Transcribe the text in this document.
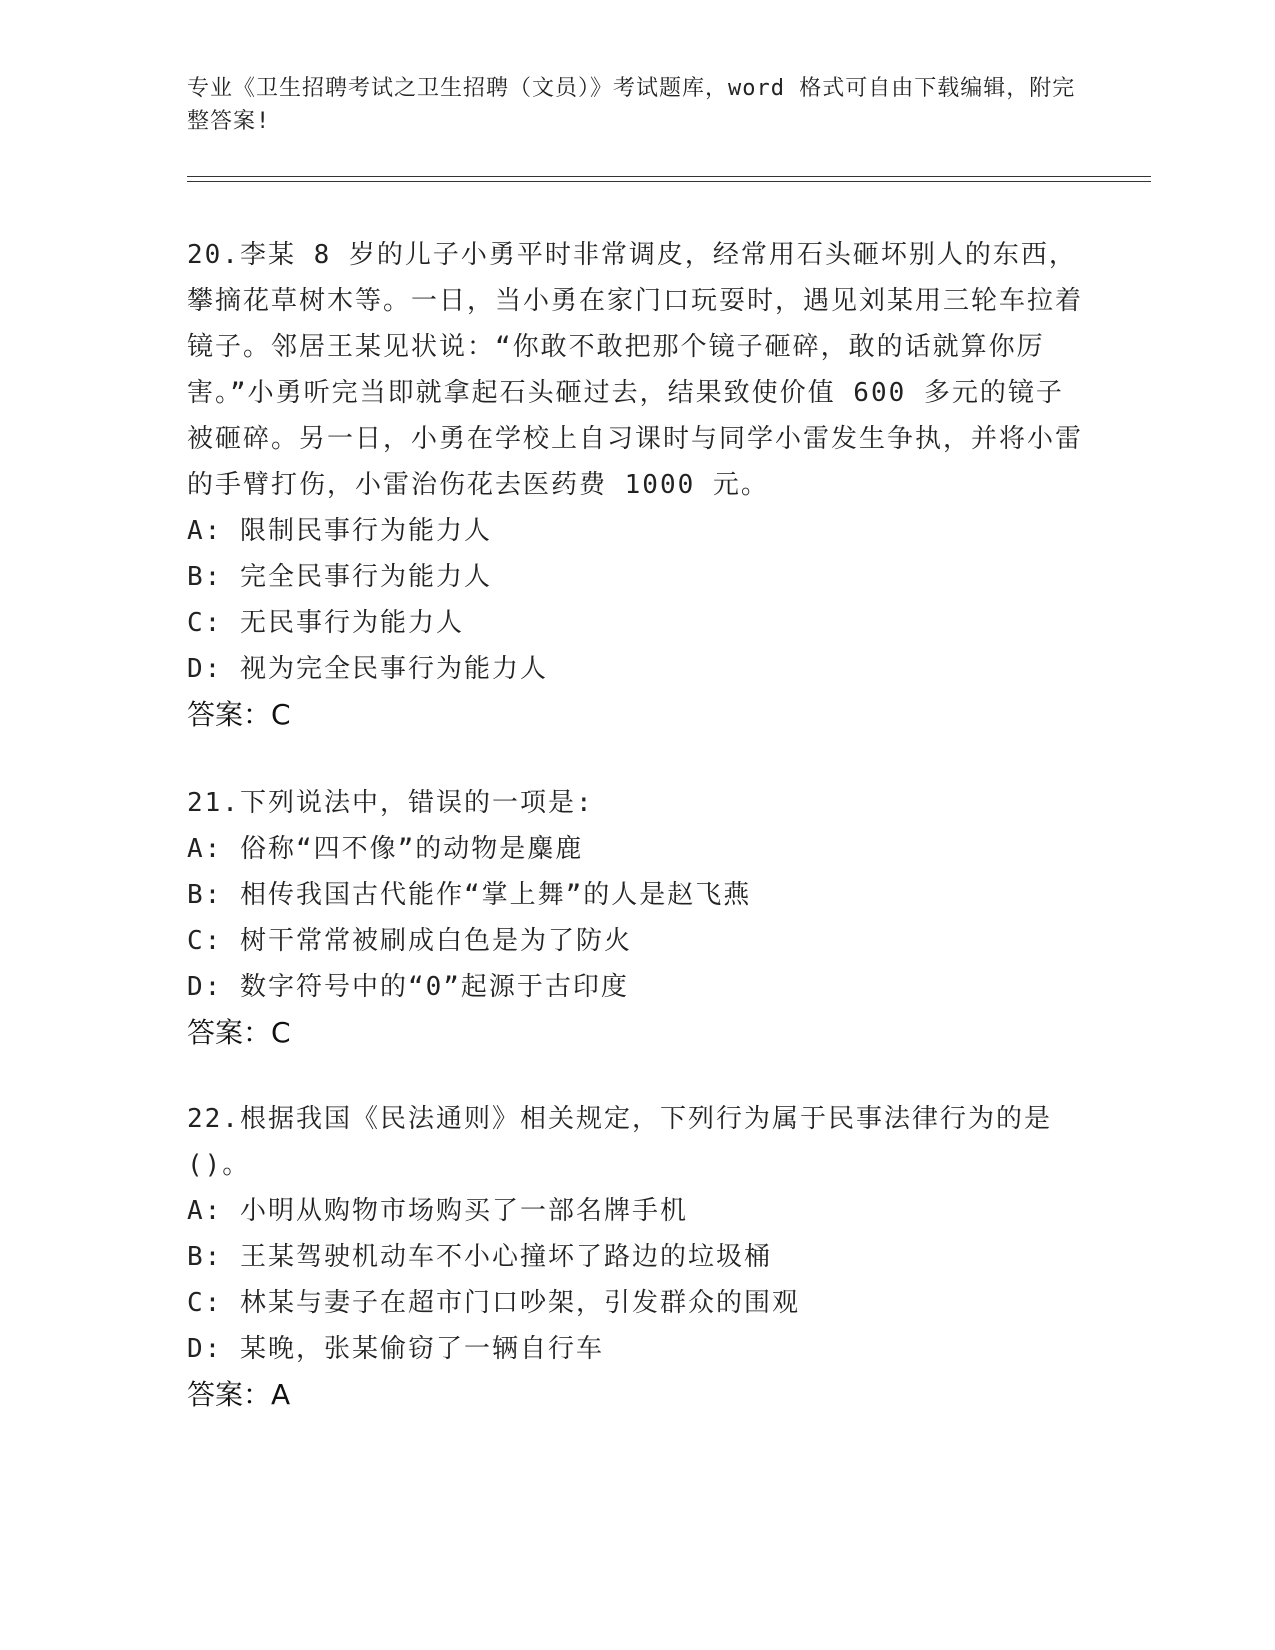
专业《卫生招聘考试之卫生招聘（文员）》考试题库，word 格式可自由下载编辑，附完整答案!

20.李某 8 岁的儿子小勇平时非常调皮，经常用石头砸坏别人的东西，攀摘花草树木等。一日，当小勇在家门口玩耍时，遇见刘某用三轮车拉着镜子。邻居王某见状说：“你敢不敢把那个镜子砸碎，敢的话就算你厉害。”小勇听完当即就拿起石头砸过去，结果致使价值 600 多元的镜子被砸碎。另一日，小勇在学校上自习课时与同学小雷发生争执，并将小雷的手臂打伤，小雷治伤花去医药费 1000 元。

A: 限制民事行为能力人

B: 完全民事行为能力人

C: 无民事行为能力人

D: 视为完全民事行为能力人

答案：C

21.下列说法中，错误的一项是:

A: 俗称“四不像”的动物是麋鹿

B: 相传我国古代能作“掌上舞”的人是赵飞燕

C: 树干常常被刷成白色是为了防火

D: 数字符号中的“0”起源于古印度

答案：C

22.根据我国《民法通则》相关规定，下列行为属于民事法律行为的是()。

A: 小明从购物市场购买了一部名牌手机

B: 王某驾驶机动车不小心撞坏了路边的垃圾桶

C: 林某与妻子在超市门口吵架，引发群众的围观

D: 某晚，张某偷窃了一辆自行车

答案：A
